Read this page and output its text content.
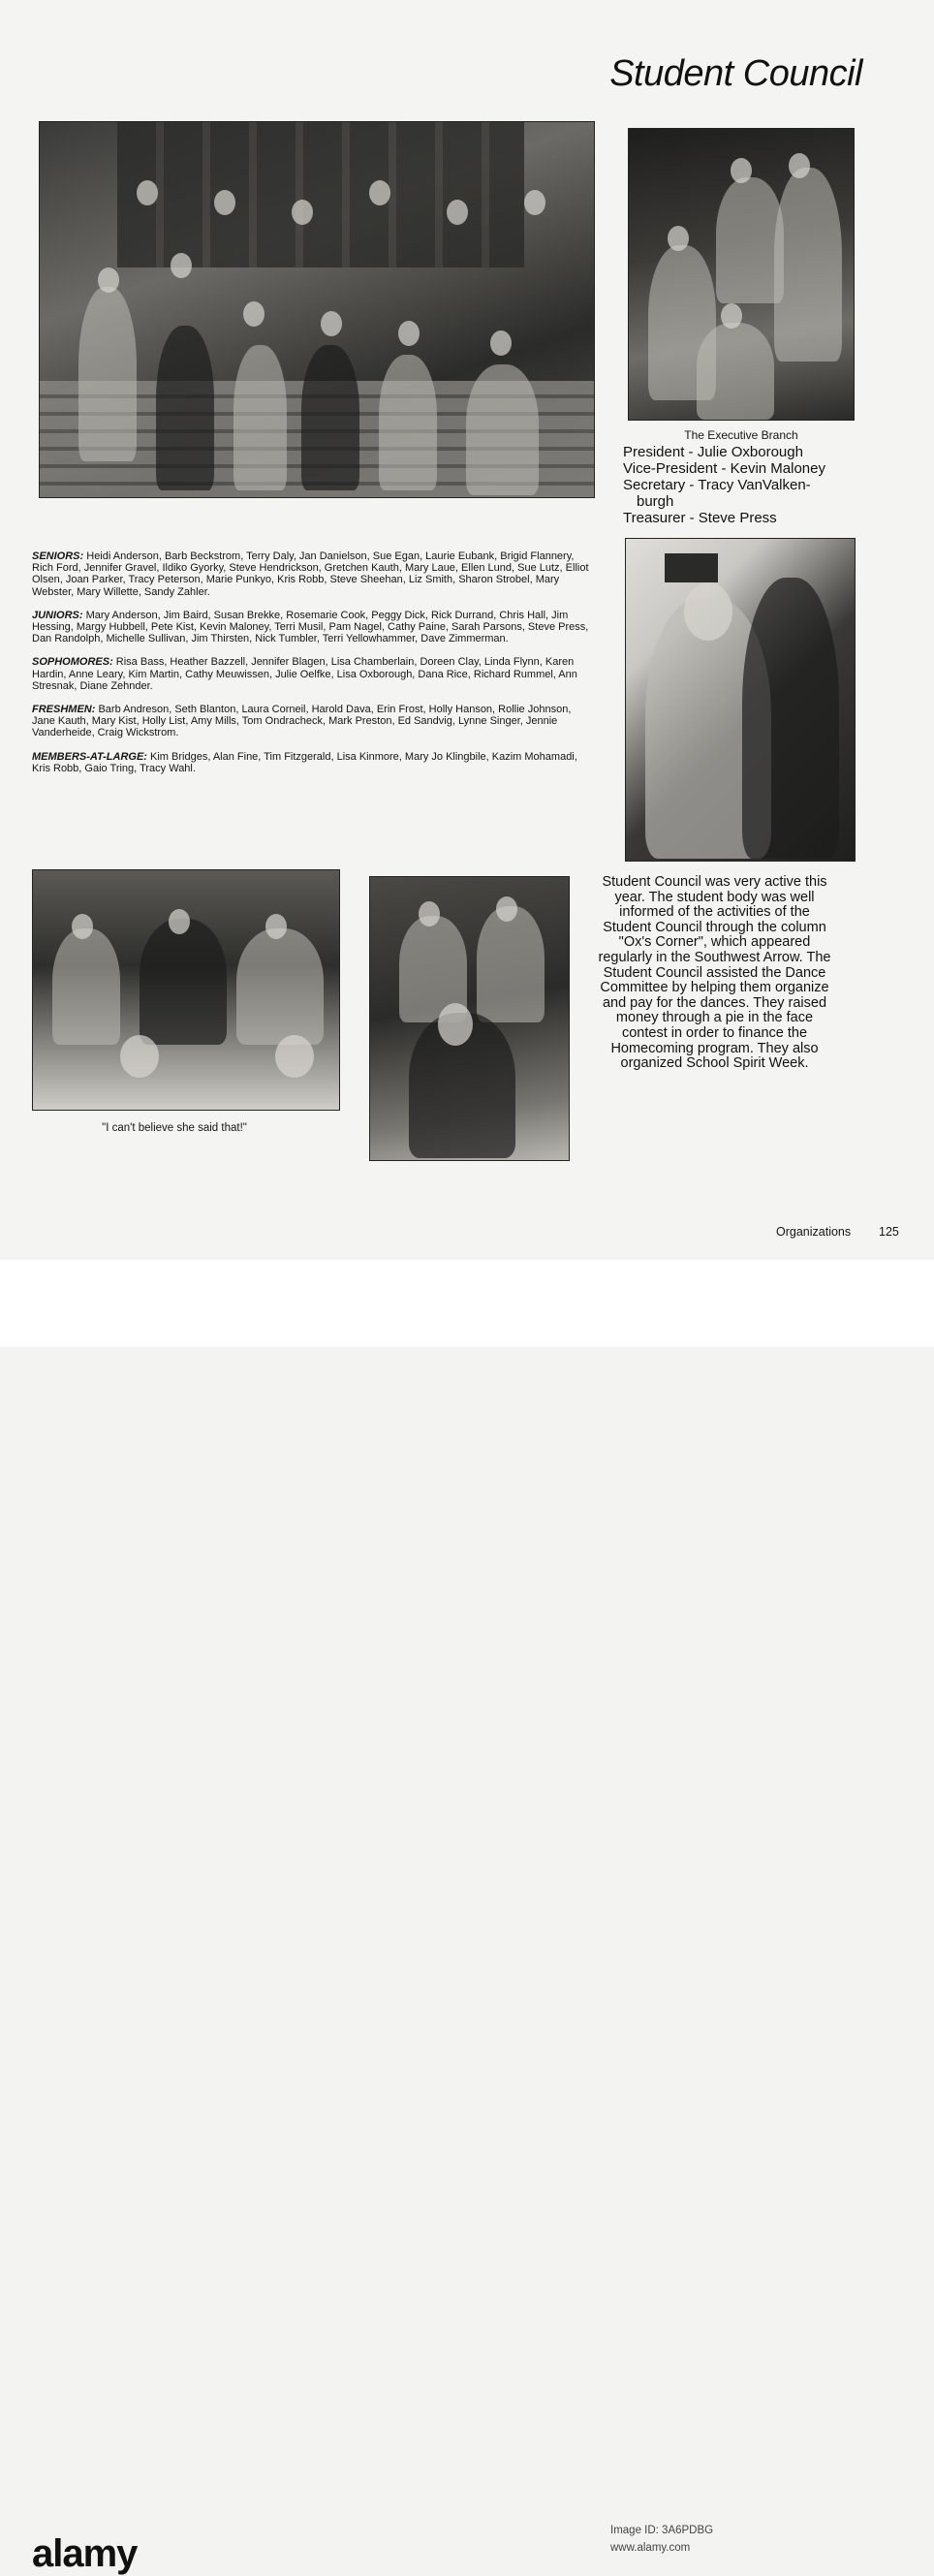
Student Council
The Executive Branch
President - Julie Oxborough
Vice-President - Kevin Maloney
Secretary - Tracy VanValken-
burgh
Treasurer - Steve Press

SENIORS: Heidi Anderson, Barb Beckstrom, Terry Daly, Jan Danielson, Sue Egan, Laurie Eubank, Brigid Flannery, Rich Ford, Jennifer Gravel, Ildiko Gyorky, Steve Hendrickson, Gretchen Kauth, Mary Laue, Ellen Lund, Sue Lutz, Elliot Olsen, Joan Parker, Tracy Peterson, Marie Punkyo, Kris Robb, Steve Sheehan, Liz Smith, Sharon Strobel, Mary Webster, Mary Willette, Sandy Zahler.

JUNIORS: Mary Anderson, Jim Baird, Susan Brekke, Rosemarie Cook, Peggy Dick, Rick Durrand, Chris Hall, Jim Hessing, Margy Hubbell, Pete Kist, Kevin Maloney, Terri Musil, Pam Nagel, Cathy Paine, Sarah Parsons, Steve Press, Dan Randolph, Michelle Sullivan, Jim Thirsten, Nick Tumbler, Terri Yellowhammer, Dave Zimmerman.

SOPHOMORES: Risa Bass, Heather Bazzell, Jennifer Blagen, Lisa Chamberlain, Doreen Clay, Linda Flynn, Karen Hardin, Anne Leary, Kim Martin, Cathy Meuwissen, Julie Oelfke, Lisa Oxborough, Dana Rice, Richard Rummel, Ann Stresnak, Diane Zehnder.

FRESHMEN: Barb Andreson, Seth Blanton, Laura Corneil, Harold Dava, Erin Frost, Holly Hanson, Rollie Johnson, Jane Kauth, Mary Kist, Holly List, Amy Mills, Tom Ondracheck, Mark Preston, Ed Sandvig, Lynne Singer, Jennie Vanderheide, Craig Wickstrom.

MEMBERS-AT-LARGE: Kim Bridges, Alan Fine, Tim Fitzgerald, Lisa Kinmore, Mary Jo Klingbile, Kazim Mohamadi, Kris Robb, Gaio Tring, Tracy Wahl.

"I can't believe she said that!"
Student Council was very active this year. The student body was well informed of the activities of the Student Council through the column "Ox's Corner", which appeared regularly in the Southwest Arrow. The Student Council assisted the Dance Committee by helping them organize and pay for the dances. They raised money through a pie in the face contest in order to finance the Homecoming program. They also organized School Spirit Week.
Organizations 125
alamy
Image ID: 3A6PDBG
www.alamy.com
